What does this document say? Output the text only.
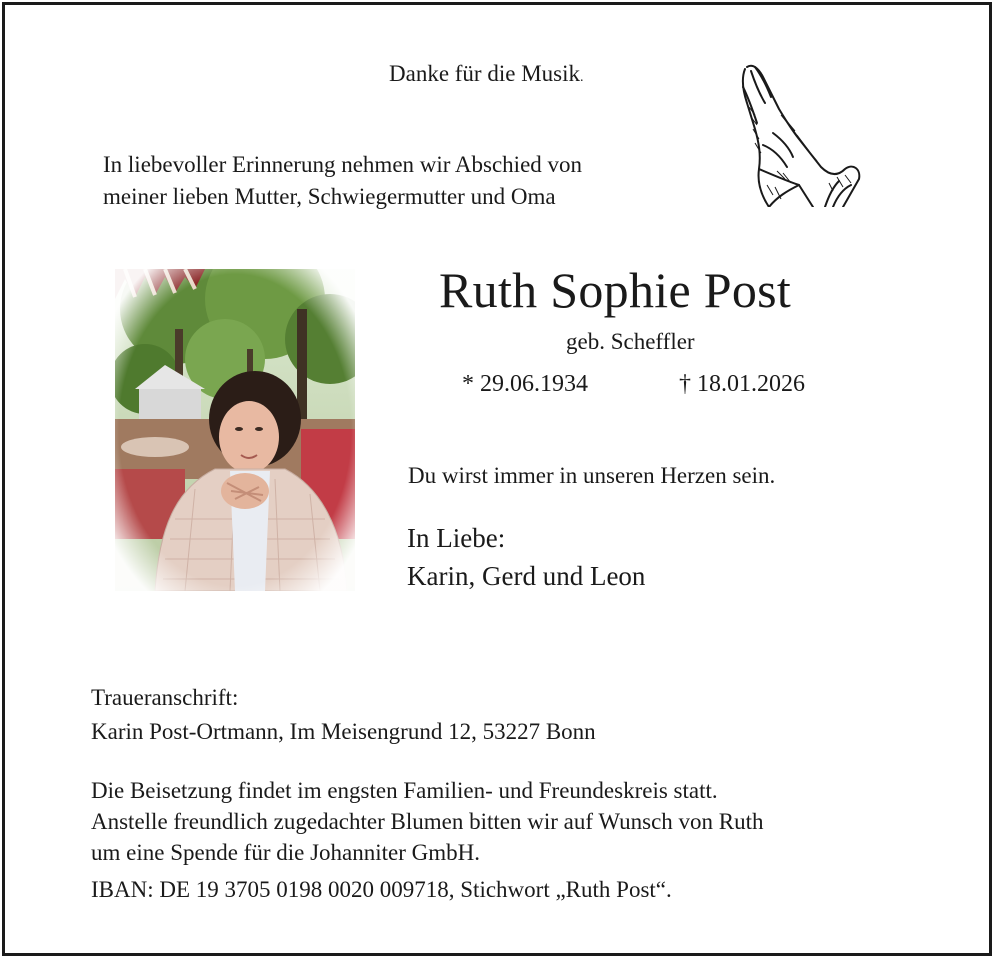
Danke für die Musik.
In liebevoller Erinnerung nehmen wir Abschied von
meiner lieben Mutter, Schwiegermutter und Oma
Ruth Sophie Post
geb. Scheffler
* 29.06.1934	† 18.01.2026
Du wirst immer in unseren Herzen sein.
In Liebe:
Karin, Gerd und Leon
Traueranschrift:
Karin Post-Ortmann, Im Meisengrund 12, 53227 Bonn
Die Beisetzung findet im engsten Familien- und Freundeskreis statt.
Anstelle freundlich zugedachter Blumen bitten wir auf Wunsch von Ruth
um eine Spende für die Johanniter GmbH.
IBAN: DE 19 3705 0198 0020 009718, Stichwort „Ruth Post“.
